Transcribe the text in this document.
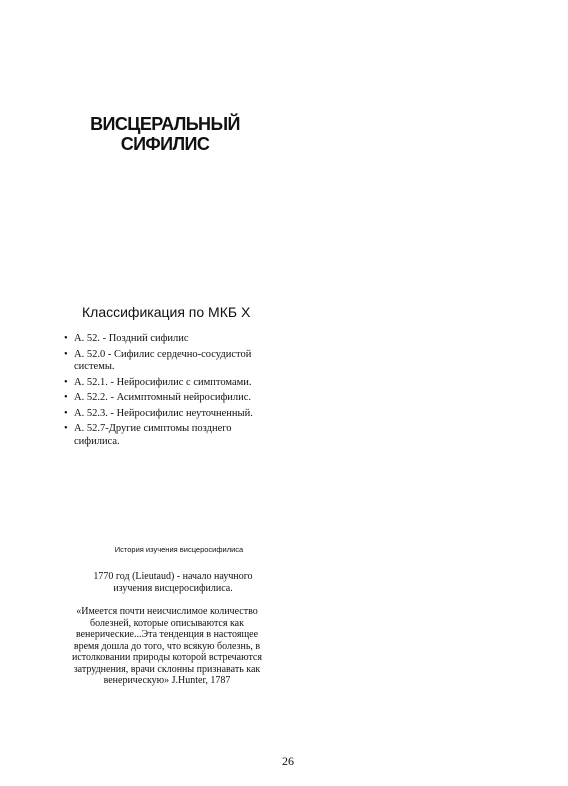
ВИСЦЕРАЛЬНЫЙ
СИФИЛИС
Классификация по МКБ X
• А. 52. - Поздний сифилис
• А. 52.0 - Сифилис сердечно-сосудистой
системы.
• А. 52.1. - Нейросифилис с симптомами.
• А. 52.2. - Асимптомный нейросифилис.
• А. 52.3. - Нейросифилис неуточненный.
• А. 52.7-Другие симптомы позднего
сифилиса.
История изучения висцеросифилиса

1770 год (Lieutaud) - начало научного
изучения висцеросифилиса.

«Имеется почти неисчислимое количество
болезней, которые описываются как
венерические...Эта тенденция в настоящее
время дошла до того, что всякую болезнь, в
истолковании природы которой встречаются
затруднения, врачи склонны признавать как
венерическую» J.Hunter, 1787

26
